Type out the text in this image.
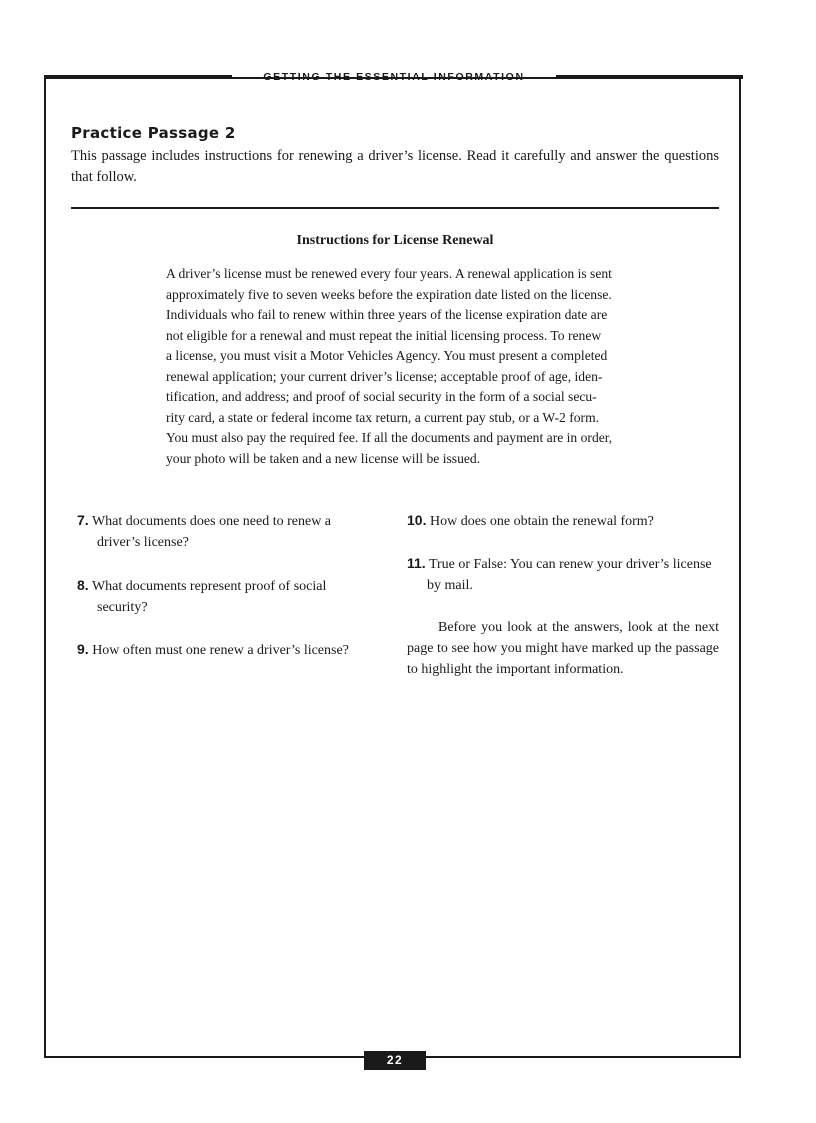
GETTING THE ESSENTIAL INFORMATION
Practice Passage 2
This passage includes instructions for renewing a driver’s license. Read it carefully and answer the questions that follow.
Instructions for License Renewal
A driver’s license must be renewed every four years. A renewal application is sent
approximately five to seven weeks before the expiration date listed on the license.
Individuals who fail to renew within three years of the license expiration date are
not eligible for a renewal and must repeat the initial licensing process. To renew
a license, you must visit a Motor Vehicles Agency. You must present a completed
renewal application; your current driver’s license; acceptable proof of age, iden-
tification, and address; and proof of social security in the form of a social secu-
rity card, a state or federal income tax return, a current pay stub, or a W-2 form.
You must also pay the required fee. If all the documents and payment are in order,
your photo will be taken and a new license will be issued.
7. What documents does one need to renew a driver’s license?
8. What documents represent proof of social security?
9. How often must one renew a driver’s license?
10. How does one obtain the renewal form?
11. True or False: You can renew your driver’s license by mail.
Before you look at the answers, look at the next page to see how you might have marked up the passage to highlight the important information.
22
